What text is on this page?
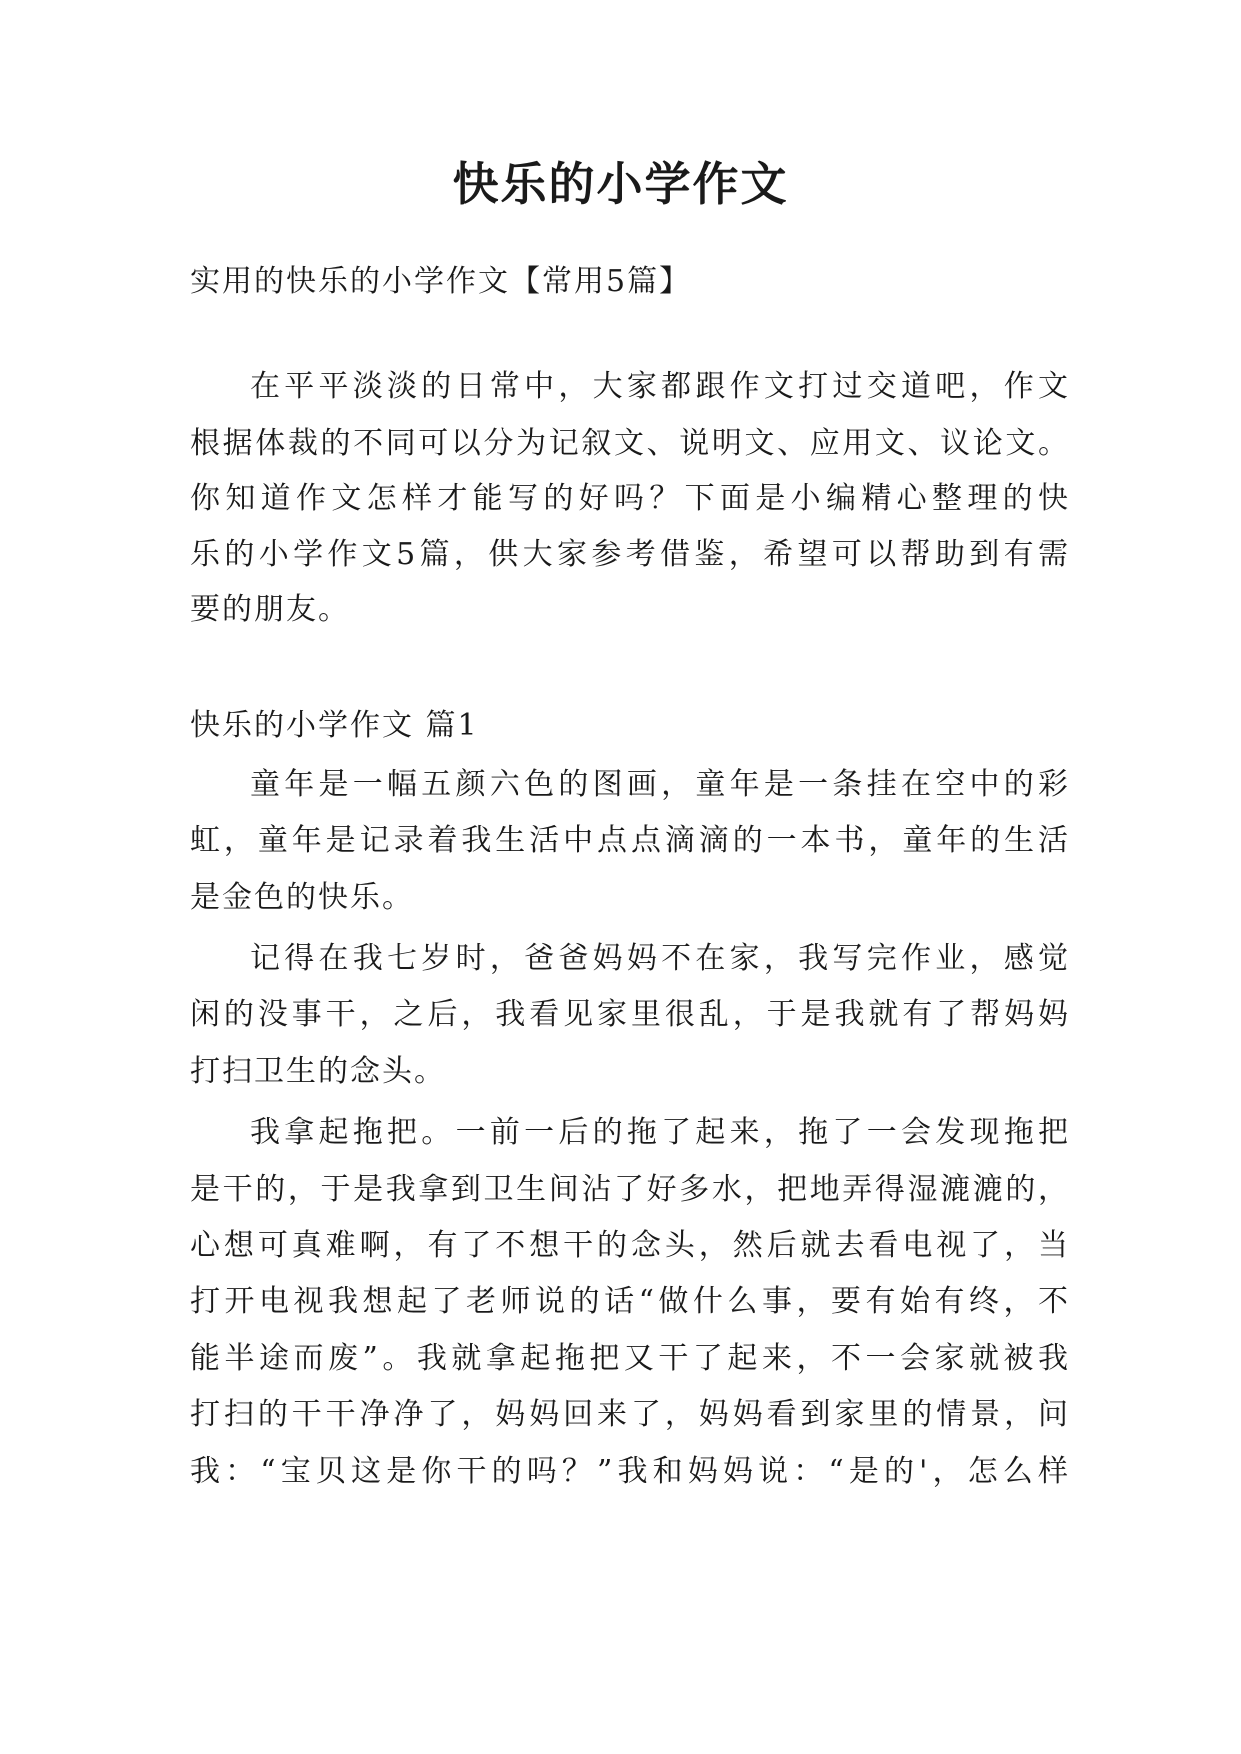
快乐的小学作文

实用的快乐的小学作文【常用5篇】

在平平淡淡的日常中，大家都跟作文打过交道吧，作文

根据体裁的不同可以分为记叙文、说明文、应用文、议论文。

你知道作文怎样才能写的好吗？下面是小编精心整理的快

乐的小学作文5篇，供大家参考借鉴，希望可以帮助到有需

要的朋友。

快乐的小学作文 篇1

童年是一幅五颜六色的图画，童年是一条挂在空中的彩

虹，童年是记录着我生活中点点滴滴的一本书，童年的生活

是金色的快乐。

记得在我七岁时，爸爸妈妈不在家，我写完作业，感觉

闲的没事干，之后，我看见家里很乱，于是我就有了帮妈妈

打扫卫生的念头。

我拿起拖把。一前一后的拖了起来，拖了一会发现拖把

是干的，于是我拿到卫生间沾了好多水，把地弄得湿漉漉的，

心想可真难啊，有了不想干的念头，然后就去看电视了，当

打开电视我想起了老师说的话“做什么事，要有始有终，不

能半途而废”。我就拿起拖把又干了起来，不一会家就被我

打扫的干干净净了，妈妈回来了，妈妈看到家里的情景，问

我：“宝贝这是你干的吗？”我和妈妈说：“是的'，怎么样
